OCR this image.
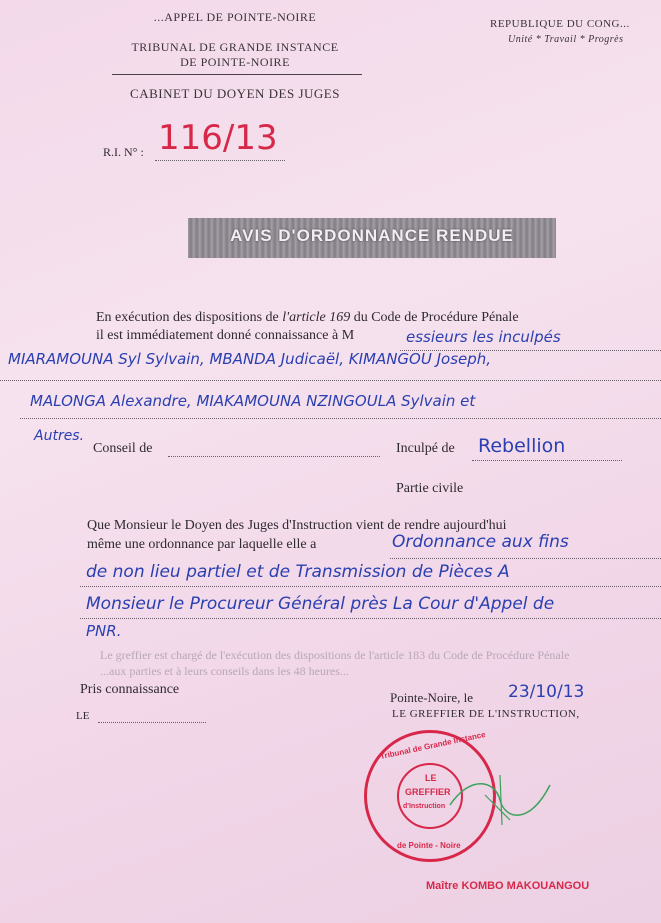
...APPEL DE POINTE-NOIRE
TRIBUNAL DE GRANDE INSTANCE
DE POINTE-NOIRE
CABINET DU DOYEN DES JUGES
REPUBLIQUE DU CONG...
Unité * Travail * Progrès
R.I. N° : 116/13
AVIS D'ORDONNANCE RENDUE
En exécution des dispositions de l'article 169 du Code de Procédure Pénale
il est immédiatement donné connaissance à M	essieurs les inculpés
MIARAMOUNA Syl Sylvain, MBANDA Judicaël, KIMANGOU Joseph,
MALONGA Alexandre, MIAKAMOUNA NZINGOULA Sylvain et
Autres.
Conseil de	Inculpé de Rebellion
Partie civile
Que Monsieur le Doyen des Juges d'Instruction vient de rendre aujourd'hui
même une ordonnance par laquelle elle a	Ordonnance aux fins
de non lieu partiel et de Transmission de Pièces A
Monsieur le Procureur Général près La Cour d'Appel de
PNR.
Le greffier est chargé de l'exécution des dispositions de l'article 183 du Code de Procédure Pénale
...aux parties et à leurs conseils dans les 48 heures...
Pris connaissance
LE
Pointe-Noire, le 23/10/13
LE GREFFIER DE L'INSTRUCTION,
Tribunal de Grande Instance
LE
GREFFIER
d'Instruction
de Pointe - Noire
Maître KOMBO MAKOUANGOU
